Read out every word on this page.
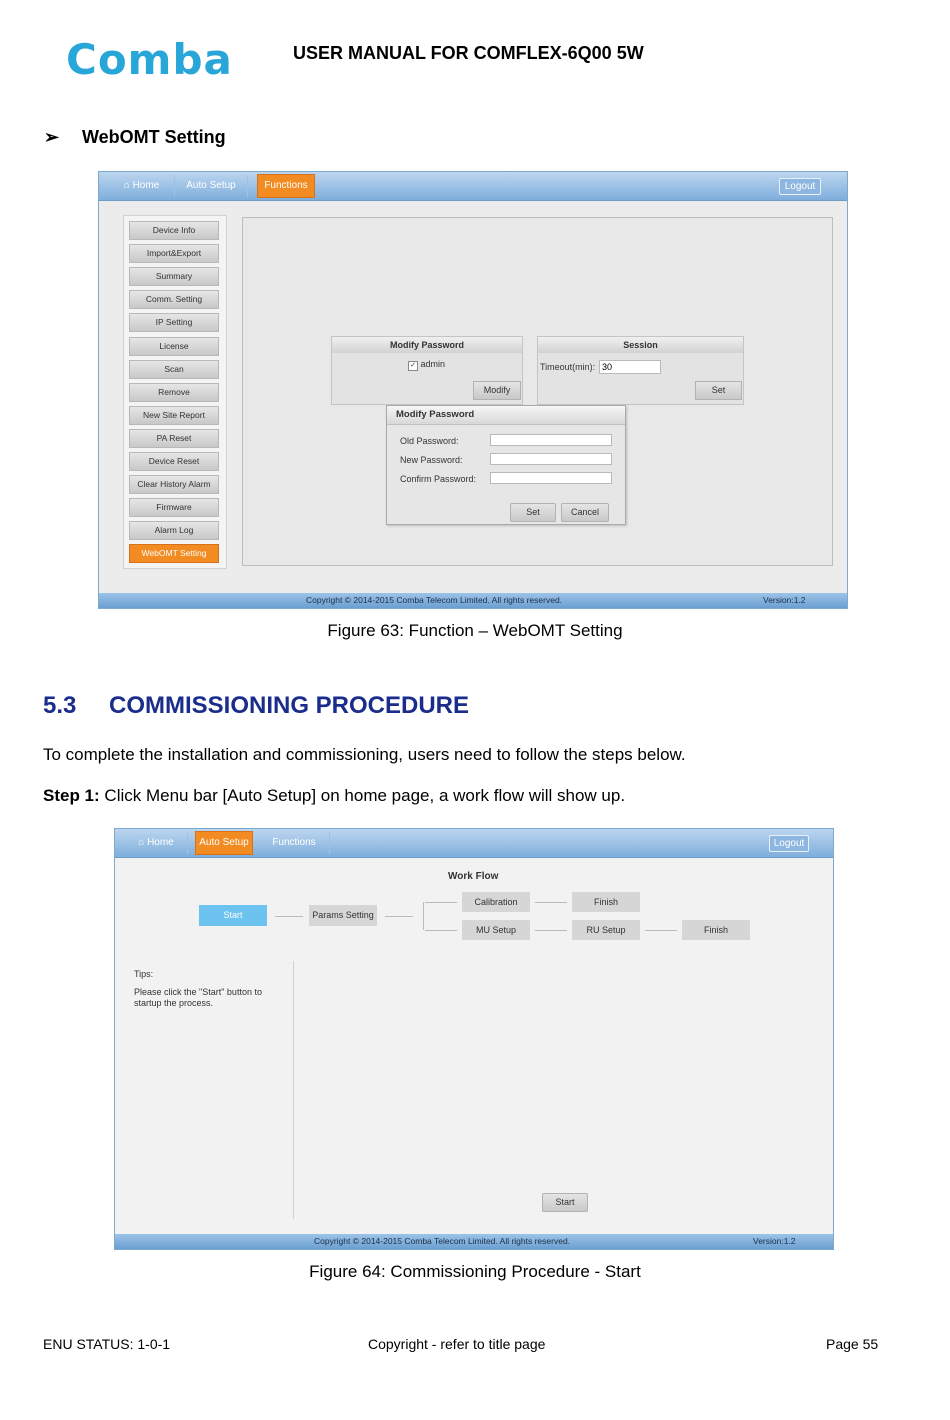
Comba	USER MANUAL FOR COMFLEX-6Q00 5W
➢ WebOMT Setting
⌂ Home	Auto Setup	Functions	Logout
Device Info
Import&Export
Summary
Comm. Setting
IP Setting
License
Scan
Remove
New Site Report
PA Reset
Device Reset
Clear History Alarm
Firmware
Alarm Log
WebOMT Setting
Modify Password
✓ admin
Modify
Session
Timeout(min): 30
Set
Modify Password
Old Password:
New Password:
Confirm Password:
Set	Cancel
Copyright © 2014-2015 Comba Telecom Limited. All rights reserved.	Version:1.2
Figure 63: Function – WebOMT Setting
5.3 COMMISSIONING PROCEDURE
To complete the installation and commissioning, users need to follow the steps below.
Step 1: Click Menu bar [Auto Setup] on home page, a work flow will show up.
⌂ Home	Auto Setup	Functions	Logout
Work Flow
Start	Params Setting
Calibration	Finish
MU Setup	RU Setup	Finish
Tips:
Please click the "Start" button to startup the process.
Start
Copyright © 2014-2015 Comba Telecom Limited. All rights reserved.	Version:1.2
Figure 64: Commissioning Procedure - Start
ENU STATUS: 1-0-1	Copyright - refer to title page	Page 55
